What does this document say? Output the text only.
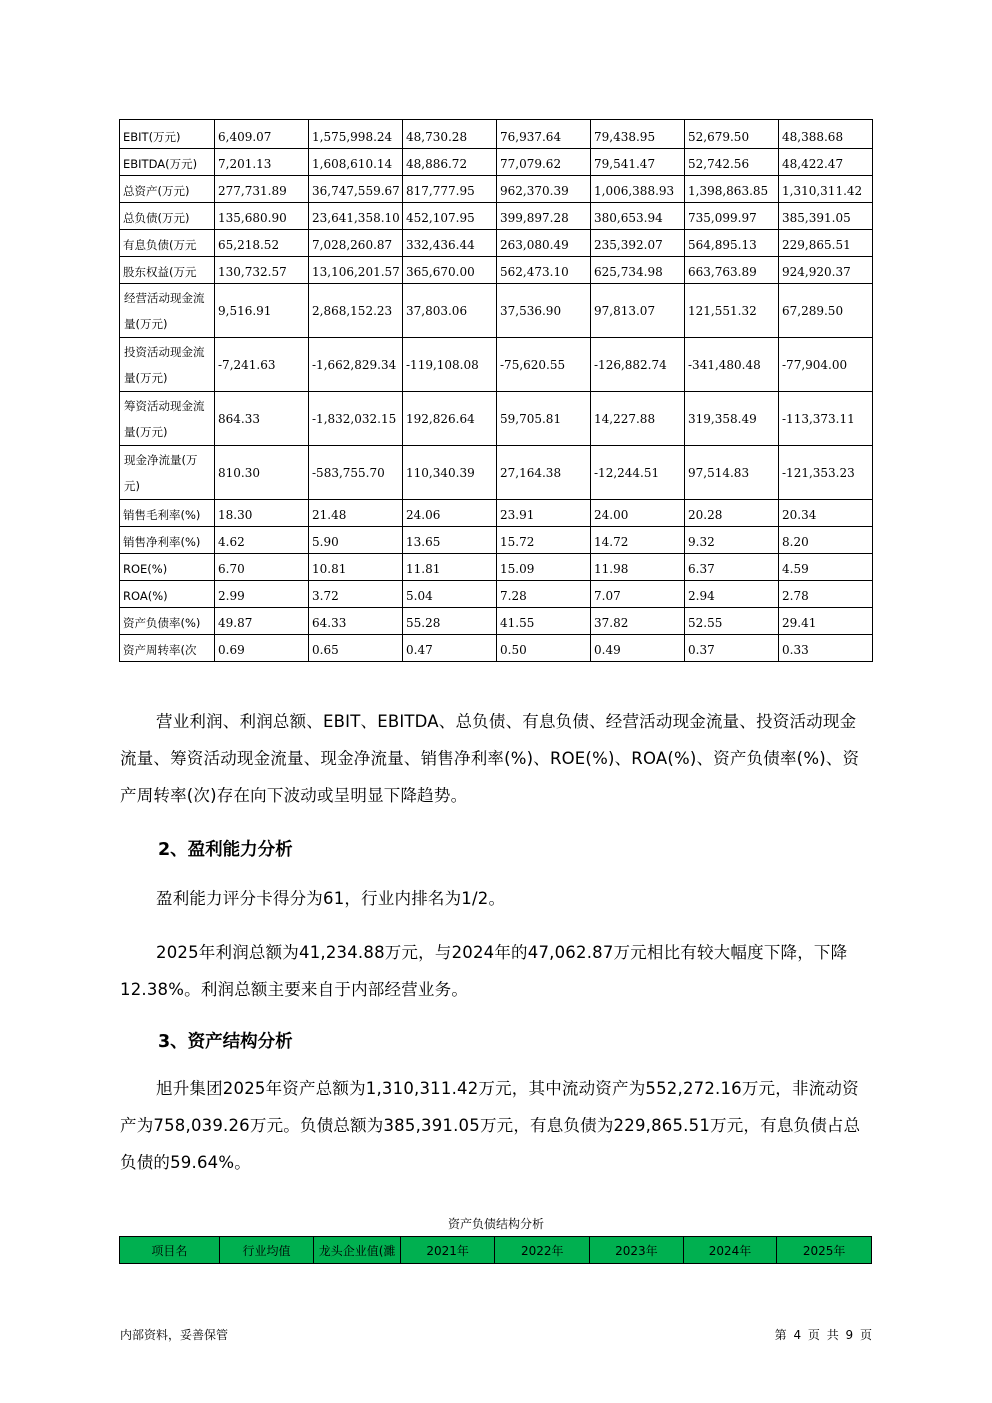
EBIT(万元)	6,409.07	1,575,998.24	48,730.28	76,937.64	79,438.95	52,679.50	48,388.68
EBITDA(万元)	7,201.13	1,608,610.14	48,886.72	77,079.62	79,541.47	52,742.56	48,422.47
总资产(万元)	277,731.89	36,747,559.67	817,777.95	962,370.39	1,006,388.93	1,398,863.85	1,310,311.42
总负债(万元)	135,680.90	23,641,358.10	452,107.95	399,897.28	380,653.94	735,099.97	385,391.05
有息负债(万元	65,218.52	7,028,260.87	332,436.44	263,080.49	235,392.07	564,895.13	229,865.51
股东权益(万元	130,732.57	13,106,201.57	365,670.00	562,473.10	625,734.98	663,763.89	924,920.37
经营活动现金流量(万元)	9,516.91	2,868,152.23	37,803.06	37,536.90	97,813.07	121,551.32	67,289.50
投资活动现金流量(万元)	-7,241.63	-1,662,829.34	-119,108.08	-75,620.55	-126,882.74	-341,480.48	-77,904.00
筹资活动现金流量(万元)	864.33	-1,832,032.15	192,826.64	59,705.81	14,227.88	319,358.49	-113,373.11
现金净流量(万元)	810.30	-583,755.70	110,340.39	27,164.38	-12,244.51	97,514.83	-121,353.23
销售毛利率(%)	18.30	21.48	24.06	23.91	24.00	20.28	20.34
销售净利率(%)	4.62	5.90	13.65	15.72	14.72	9.32	8.20
ROE(%)	6.70	10.81	11.81	15.09	11.98	6.37	4.59
ROA(%)	2.99	3.72	5.04	7.28	7.07	2.94	2.78
资产负债率(%)	49.87	64.33	55.28	41.55	37.82	52.55	29.41
资产周转率(次	0.69	0.65	0.47	0.50	0.49	0.37	0.33
营业利润、利润总额、EBIT、EBITDA、总负债、有息负债、经营活动现金流量、投资活动现金流量、筹资活动现金流量、现金净流量、销售净利率(%)、ROE(%)、ROA(%)、资产负债率(%)、资产周转率(次)存在向下波动或呈明显下降趋势。
2、盈利能力分析
盈利能力评分卡得分为61，行业内排名为1/2。
2025年利润总额为41,234.88万元，与2024年的47,062.87万元相比有较大幅度下降，下降12.38%。利润总额主要来自于内部经营业务。
3、资产结构分析
旭升集团2025年资产总额为1,310,311.42万元，其中流动资产为552,272.16万元，非流动资产为758,039.26万元。负债总额为385,391.05万元，有息负债为229,865.51万元，有息负债占总负债的59.64%。
资产负债结构分析
项目名	行业均值	龙头企业值(濉	2021年	2022年	2023年	2024年	2025年
内部资料，妥善保管	第 4 页 共 9 页
